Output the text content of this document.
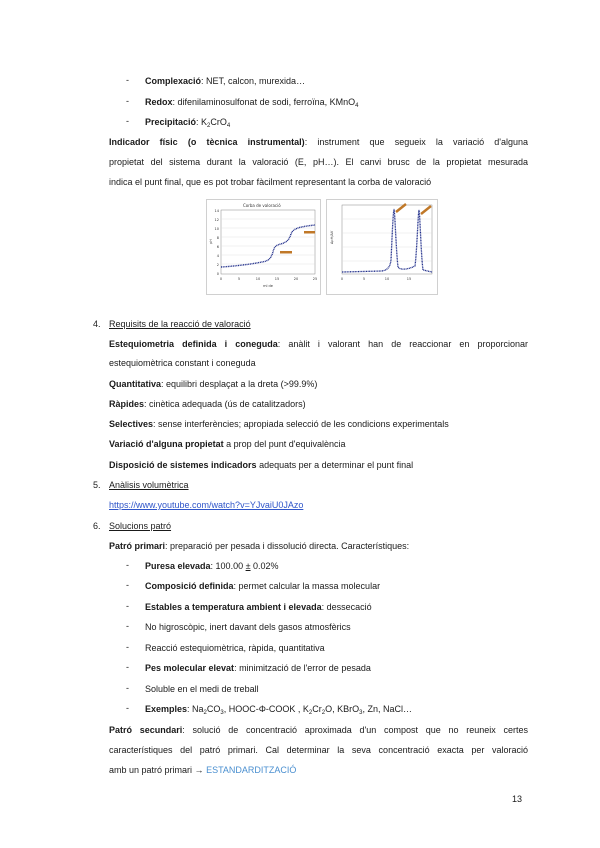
- Complexació: NET, calcon, murexida…
- Redox: difenilaminosulfonat de sodi, ferroïna, KMnO$_4$
- Precipitació: $K_2CrO_4$
Indicador físic (o tècnica instrumental): instrument que segueix la variació d'alguna
propietat del sistema durant la valoració (E, pH…). El canvi brusc de la propietat mesurada
indica el punt final, que es pot trobar fàcilment representant la corba de valoració
Corba de valoració
14
12
10
8
6
4
2
0
0	5	10	15	20	25
ml de
pH	ΔpH/ΔV
0	5	10	15
4. Requisits de la reacció de valoració
Estequiometria definida i coneguda: anàlit i valorant han de reaccionar en proporcionar
estequiomètrica constant i coneguda
Quantitativa: equilibri desplaçat a la dreta (>99.9%)
Ràpides: cinètica adequada (ús de catalitzadors)
Selectives: sense interferències; apropiada selecció de les condicions experimentals
Variació d'alguna propietat a prop del punt d'equivalència
Disposició de sistemes indicadors adequats per a determinar el punt final
5. Anàlisis volumètrica
https://www.youtube.com/watch?v=YJvaiU0JAzo
6. Solucions patró
Patró primari: preparació per pesada i dissolució directa. Característiques:
- Puresa elevada: 100.00 ± 0.02%
- Composició definida: permet calcular la massa molecular
- Estables a temperatura ambient i elevada: dessecació
- No higroscòpic, inert davant dels gasos atmosfèrics
- Reacció estequiomètrica, ràpida, quantitativa
- Pes molecular elevat: minimització de l'error de pesada
- Soluble en el medi de treball
- Exemples: $Na_2CO_3$, HOOC-Φ-COOK , $K_2Cr_2O$, KBrO$_3$, Zn, NaCl…
Patró secundari: solució de concentració aproximada d'un compost que no reuneix certes
característiques del patró primari. Cal determinar la seva concentració exacta per valoració
amb un patró primari → ESTANDARDITZACIÓ
13
